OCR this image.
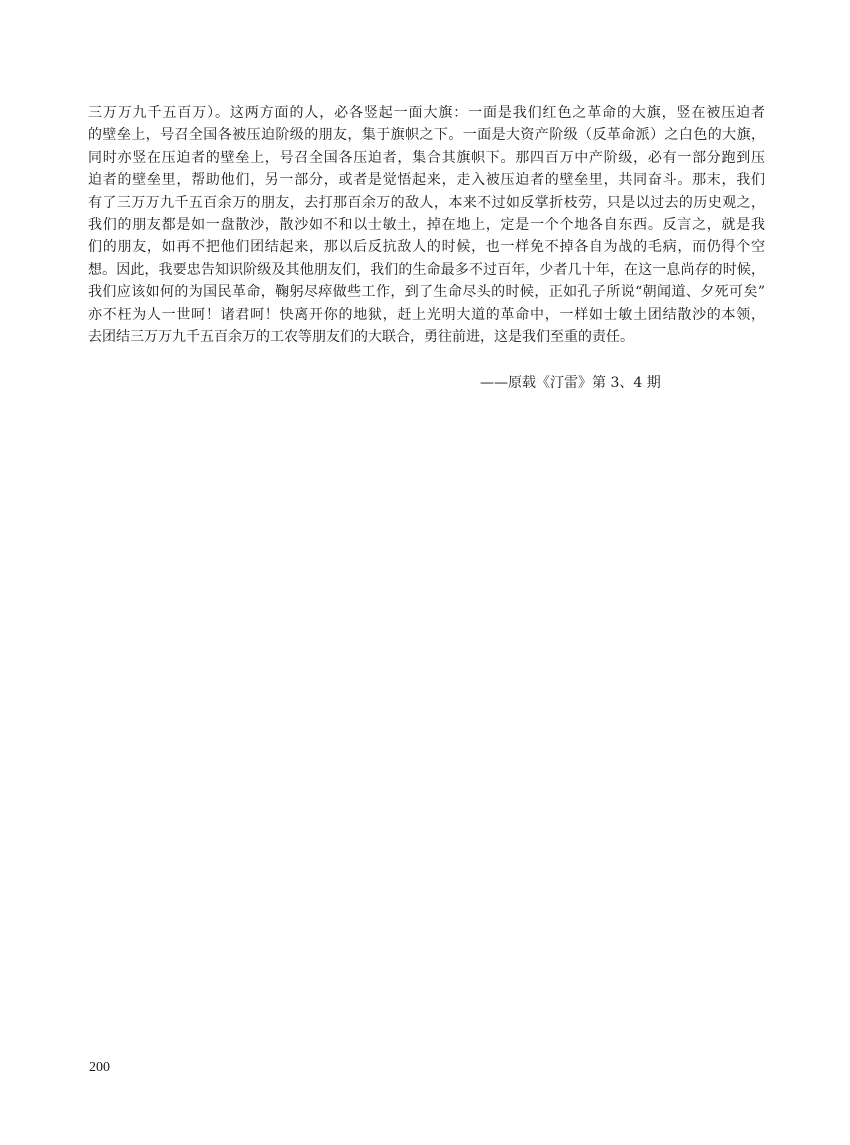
三万万九千五百万）。这两方面的人，必各竖起一面大旗：一面是我们红色之革命的大旗，竖在被压迫者
的壁垒上，号召全国各被压迫阶级的朋友，集于旗帜之下。一面是大资产阶级（反革命派）之白色的大旗，
同时亦竖在压迫者的壁垒上，号召全国各压迫者，集合其旗帜下。那四百万中产阶级，必有一部分跑到压
迫者的壁垒里，帮助他们，另一部分，或者是觉悟起来，走入被压迫者的壁垒里，共同奋斗。那末，我们
有了三万万九千五百余万的朋友，去打那百余万的敌人，本来不过如反掌折枝劳，只是以过去的历史观之，
我们的朋友都是如一盘散沙，散沙如不和以士敏土，掉在地上，定是一个个地各自东西。反言之，就是我
们的朋友，如再不把他们团结起来，那以后反抗敌人的时候，也一样免不掉各自为战的毛病，而仍得个空
想。因此，我要忠告知识阶级及其他朋友们，我们的生命最多不过百年，少者几十年，在这一息尚存的时候，
我们应该如何的为国民革命，鞠躬尽瘁做些工作，到了生命尽头的时候，正如孔子所说“朝闻道、夕死可矣”
亦不枉为人一世呵！诸君呵！快离开你的地狱，赶上光明大道的革命中，一样如士敏土团结散沙的本领，
去团结三万万九千五百余万的工农等朋友们的大联合，勇往前进，这是我们至重的责任。
——原载《汀雷》第 3、4 期
200
